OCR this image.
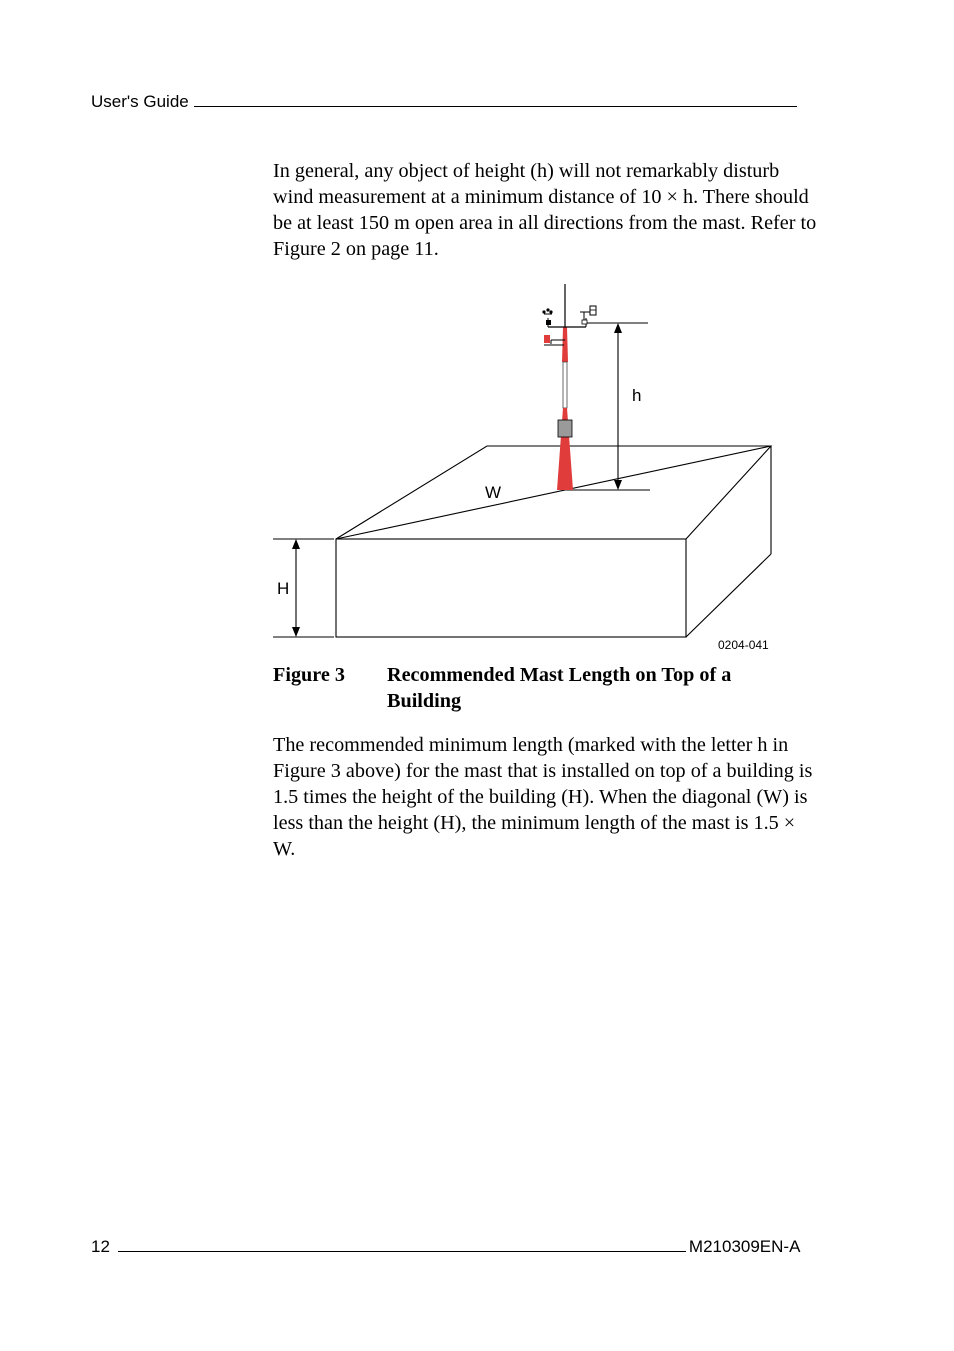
User's Guide
In general, any object of height (h) will not remarkably disturb wind measurement at a minimum distance of 10 × h. There should be at least 150 m open area in all directions from the mast. Refer to Figure 2 on page 11.
h
W
H
0204-041
Figure 3 Recommended Mast Length on Top of a Building
The recommended minimum length (marked with the letter h in Figure 3 above) for the mast that is installed on top of a building is 1.5 times the height of the building (H). When the diagonal (W) is less than the height (H), the minimum length of the mast is 1.5 × W.
12	M210309EN-A
